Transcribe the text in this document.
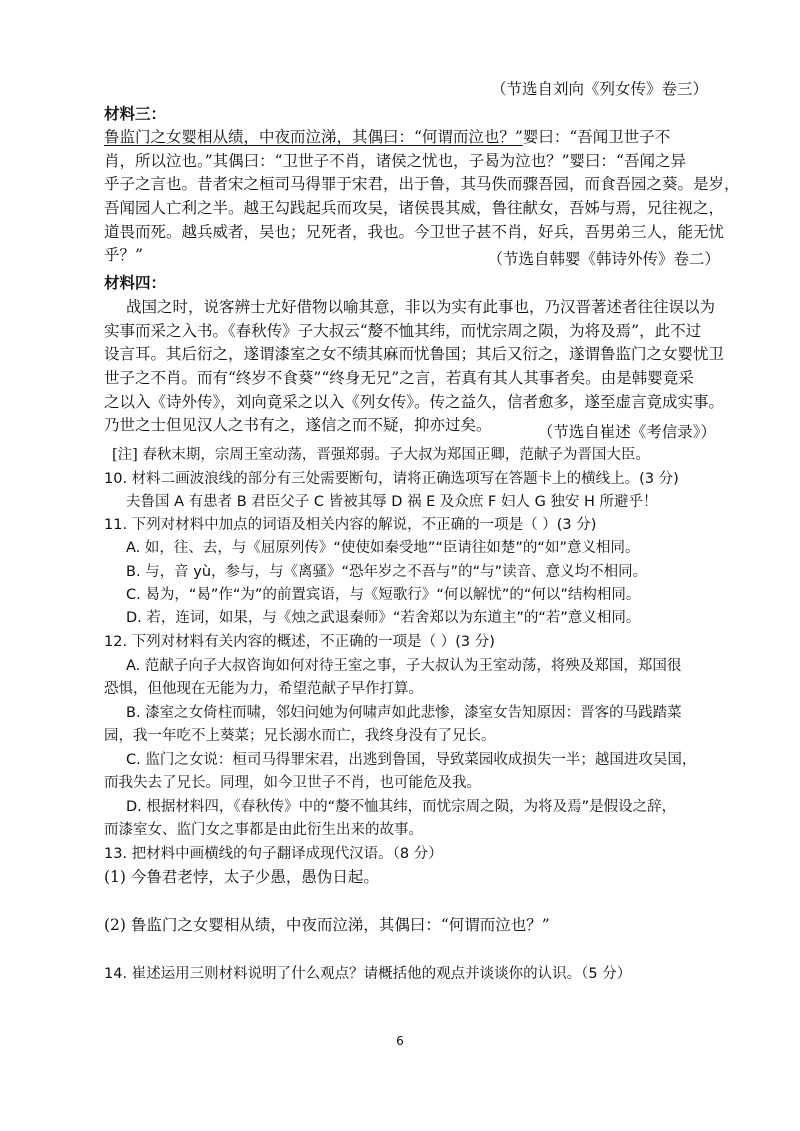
（节选自刘向《列女传》卷三）
材料三：
鲁监门之女婴相从绩，中夜而泣涕，其偶曰：“何谓而泣也？”婴曰：“吾闻卫世子不
肖，所以泣也。”其偶曰：“卫世子不肖，诸侯之忧也，子曷为泣也？”婴曰：“吾闻之异
乎子之言也。昔者宋之桓司马得罪于宋君，出于鲁，其马佚而骤吾园，而食吾园之葵。是岁，
吾闻园人亡利之半。越王勾践起兵而攻吴，诸侯畏其威，鲁往献女，吾姊与焉，兄往视之，
道畏而死。越兵威者，吴也；兄死者，我也。今卫世子甚不肖，好兵，吾男弟三人，能无忧
乎？”	（节选自韩婴《韩诗外传》卷二）
材料四：
战国之时，说客辨士尤好借物以喻其意，非以为实有此事也，乃汉晋著述者往往误以为
实事而采之入书。《春秋传》子大叔云“嫠不恤其纬，而忧宗周之陨，为将及焉”，此不过
设言耳。其后衍之，遂谓漆室之女不绩其麻而忧鲁国；其后又衍之，遂谓鲁监门之女婴忧卫
世子之不肖。而有“终岁不食葵”“终身无兄”之言，若真有其人其事者矣。由是韩婴竟采
之以入《诗外传》，刘向竟采之以入《列女传》。传之益久，信者愈多，遂至虚言竟成实事。
乃世之士但见汉人之书有之，遂信之而不疑，抑亦过矣。	（节选自崔述《考信录》）
[注] 春秋末期，宗周王室动荡，晋强郑弱。子大叔为郑国正卿，范献子为晋国大臣。
10. 材料二画波浪线的部分有三处需要断句，请将正确选项写在答题卡上的横线上。(3 分)
夫鲁国 A 有患者 B 君臣父子 C 皆被其辱 D 祸 E 及众庶 F 妇人 G 独安 H 所避乎！
11. 下列对材料中加点的词语及相关内容的解说，不正确的一项是（ ）(3 分)
A. 如，往、去，与《屈原列传》“使使如秦受地”“臣请往如楚”的“如”意义相同。
B. 与，音 yù，参与，与《离骚》“恐年岁之不吾与”的“与”读音、意义均不相同。
C. 曷为，“曷”作“为”的前置宾语，与《短歌行》“何以解忧”的“何以”结构相同。
D. 若，连词，如果，与《烛之武退秦师》“若舍郑以为东道主”的“若”意义相同。
12. 下列对材料有关内容的概述，不正确的一项是（ ）(3 分)
A. 范献子向子大叔咨询如何对待王室之事，子大叔认为王室动荡，将殃及郑国，郑国很
恐惧，但他现在无能为力，希望范献子早作打算。
B. 漆室之女倚柱而啸，邻妇问她为何啸声如此悲惨，漆室女告知原因：晋客的马践踏菜
园，我一年吃不上葵菜；兄长溺水而亡，我终身没有了兄长。
C. 监门之女说：桓司马得罪宋君，出逃到鲁国，导致菜园收成损失一半；越国进攻吴国，
而我失去了兄长。同理，如今卫世子不肖，也可能危及我。
D. 根据材料四，《春秋传》中的“嫠不恤其纬，而忧宗周之陨，为将及焉”是假设之辞，
而漆室女、监门女之事都是由此衍生出来的故事。
13. 把材料中画横线的句子翻译成现代汉语。（8 分）
(1) 今鲁君老悖，太子少愚，愚伪日起。
(2) 鲁监门之女婴相从绩，中夜而泣涕，其偶曰：“何谓而泣也？”
14. 崔述运用三则材料说明了什么观点？请概括他的观点并谈谈你的认识。（5 分）
6
